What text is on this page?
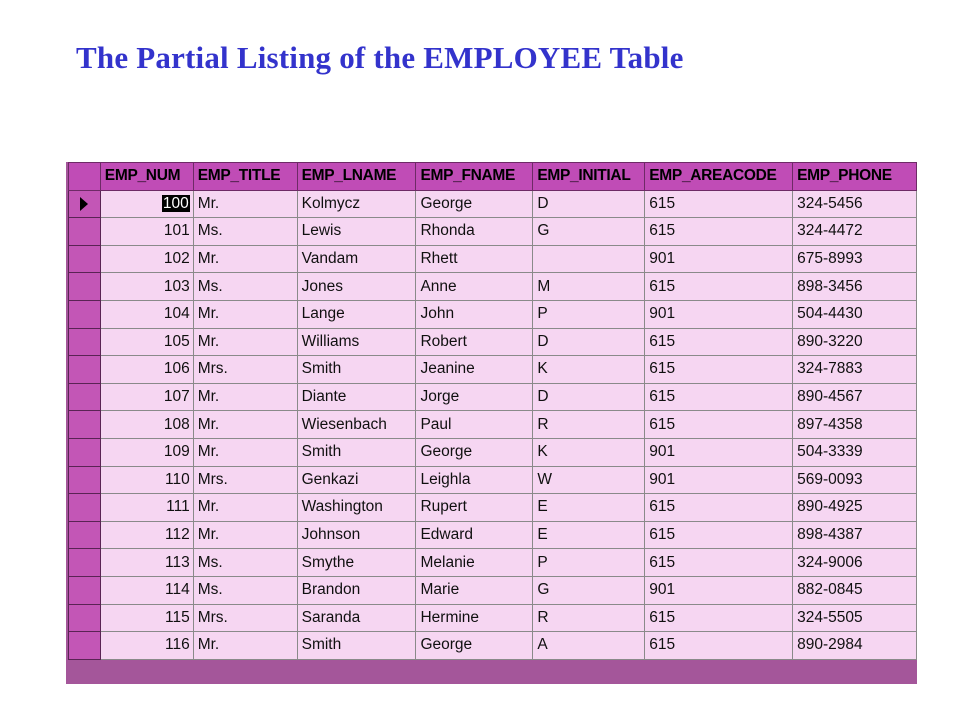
The Partial Listing of the EMPLOYEE Table
	EMP_NUM	EMP_TITLE	EMP_LNAME	EMP_FNAME	EMP_INITIAL	EMP_AREACODE	EMP_PHONE
	100	Mr.	Kolmycz	George	D	615	324-5456
	101	Ms.	Lewis	Rhonda	G	615	324-4472
	102	Mr.	Vandam	Rhett		901	675-8993
	103	Ms.	Jones	Anne	M	615	898-3456
	104	Mr.	Lange	John	P	901	504-4430
	105	Mr.	Williams	Robert	D	615	890-3220
	106	Mrs.	Smith	Jeanine	K	615	324-7883
	107	Mr.	Diante	Jorge	D	615	890-4567
	108	Mr.	Wiesenbach	Paul	R	615	897-4358
	109	Mr.	Smith	George	K	901	504-3339
	110	Mrs.	Genkazi	Leighla	W	901	569-0093
	111	Mr.	Washington	Rupert	E	615	890-4925
	112	Mr.	Johnson	Edward	E	615	898-4387
	113	Ms.	Smythe	Melanie	P	615	324-9006
	114	Ms.	Brandon	Marie	G	901	882-0845
	115	Mrs.	Saranda	Hermine	R	615	324-5505
	116	Mr.	Smith	George	A	615	890-2984
